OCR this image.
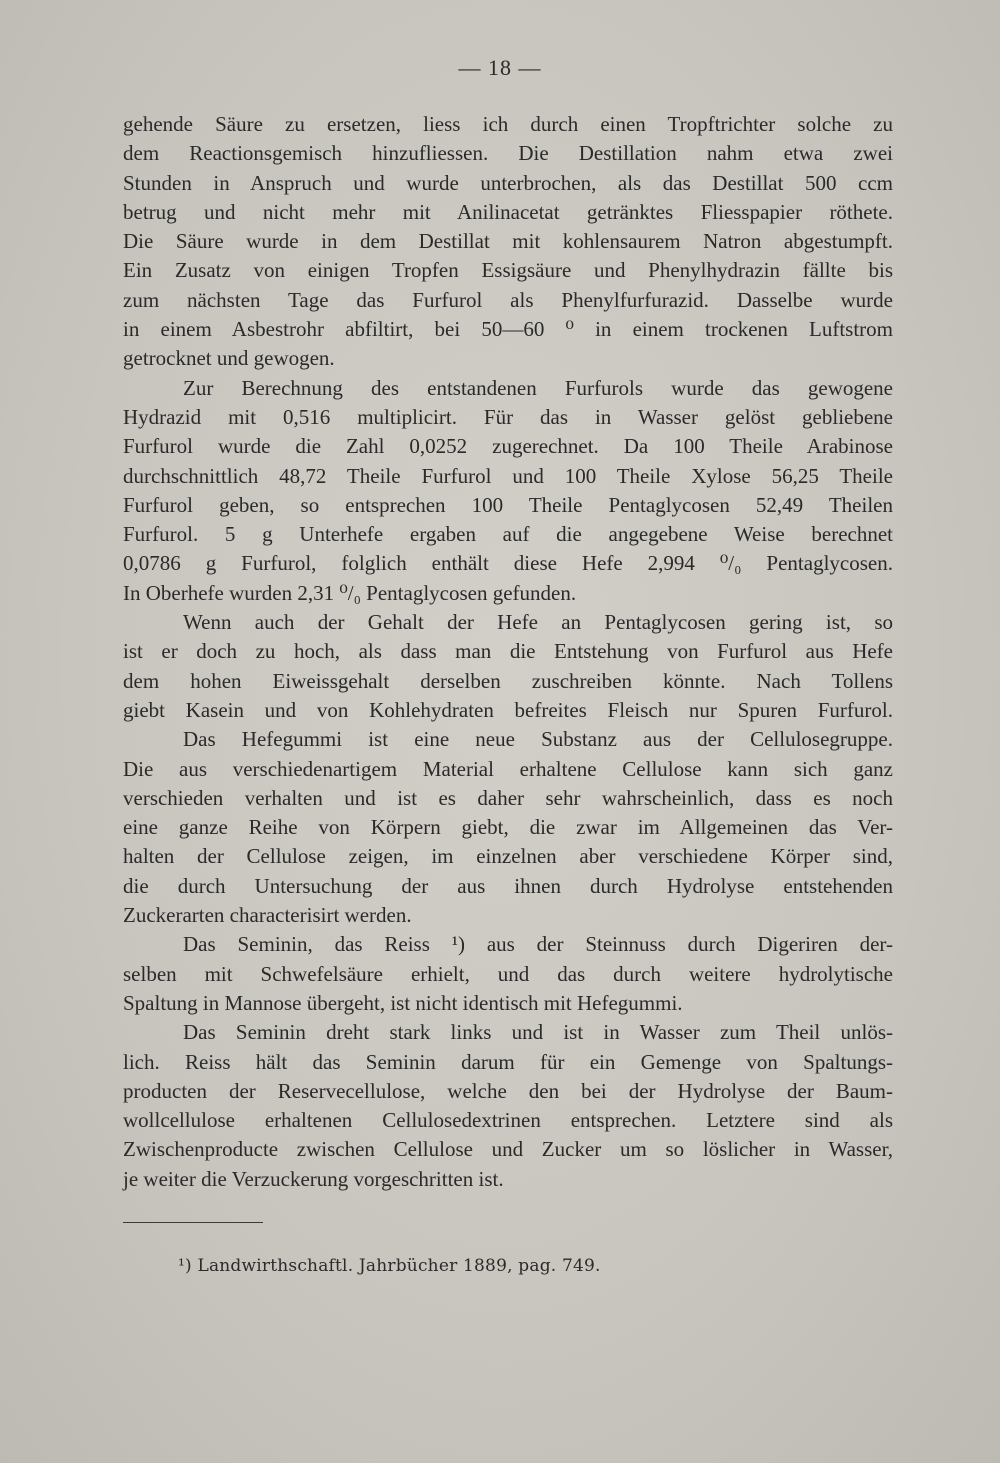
— 18 —

gehende Säure zu ersetzen, liess ich durch einen Tropftrichter solche zu
dem Reactionsgemisch hinzufliessen. Die Destillation nahm etwa zwei
Stunden in Anspruch und wurde unterbrochen, als das Destillat 500 ccm
betrug und nicht mehr mit Anilinacetat getränktes Fliesspapier röthete.
Die Säure wurde in dem Destillat mit kohlensaurem Natron abgestumpft.
Ein Zusatz von einigen Tropfen Essigsäure und Phenylhydrazin fällte bis
zum nächsten Tage das Furfurol als Phenylfurfurazid. Dasselbe wurde
in einem Asbestrohr abfiltirt, bei 50—60 ⁰ in einem trockenen Luftstrom
getrocknet und gewogen.

Zur Berechnung des entstandenen Furfurols wurde das gewogene
Hydrazid mit 0,516 multiplicirt. Für das in Wasser gelöst gebliebene
Furfurol wurde die Zahl 0,0252 zugerechnet. Da 100 Theile Arabinose
durchschnittlich 48,72 Theile Furfurol und 100 Theile Xylose 56,25 Theile
Furfurol geben, so entsprechen 100 Theile Pentaglycosen 52,49 Theilen
Furfurol. 5 g Unterhefe ergaben auf die angegebene Weise berechnet
0,0786 g Furfurol, folglich enthält diese Hefe 2,994 ⁰/₀ Pentaglycosen.
In Oberhefe wurden 2,31 ⁰/₀ Pentaglycosen gefunden.

Wenn auch der Gehalt der Hefe an Pentaglycosen gering ist, so
ist er doch zu hoch, als dass man die Entstehung von Furfurol aus Hefe
dem hohen Eiweissgehalt derselben zuschreiben könnte. Nach Tollens
giebt Kasein und von Kohlehydraten befreites Fleisch nur Spuren Furfurol.

Das Hefegummi ist eine neue Substanz aus der Cellulosegruppe.
Die aus verschiedenartigem Material erhaltene Cellulose kann sich ganz
verschieden verhalten und ist es daher sehr wahrscheinlich, dass es noch
eine ganze Reihe von Körpern giebt, die zwar im Allgemeinen das Ver-
halten der Cellulose zeigen, im einzelnen aber verschiedene Körper sind,
die durch Untersuchung der aus ihnen durch Hydrolyse entstehenden
Zuckerarten characterisirt werden.

Das Seminin, das Reiss ¹) aus der Steinnuss durch Digeriren der-
selben mit Schwefelsäure erhielt, und das durch weitere hydrolytische
Spaltung in Mannose übergeht, ist nicht identisch mit Hefegummi.

Das Seminin dreht stark links und ist in Wasser zum Theil unlös-
lich. Reiss hält das Seminin darum für ein Gemenge von Spaltungs-
producten der Reservecellulose, welche den bei der Hydrolyse der Baum-
wollcellulose erhaltenen Cellulosedextrinen entsprechen. Letztere sind als
Zwischenproducte zwischen Cellulose und Zucker um so löslicher in Wasser,
je weiter die Verzuckerung vorgeschritten ist.

¹) Landwirthschaftl. Jahrbücher 1889, pag. 749.
